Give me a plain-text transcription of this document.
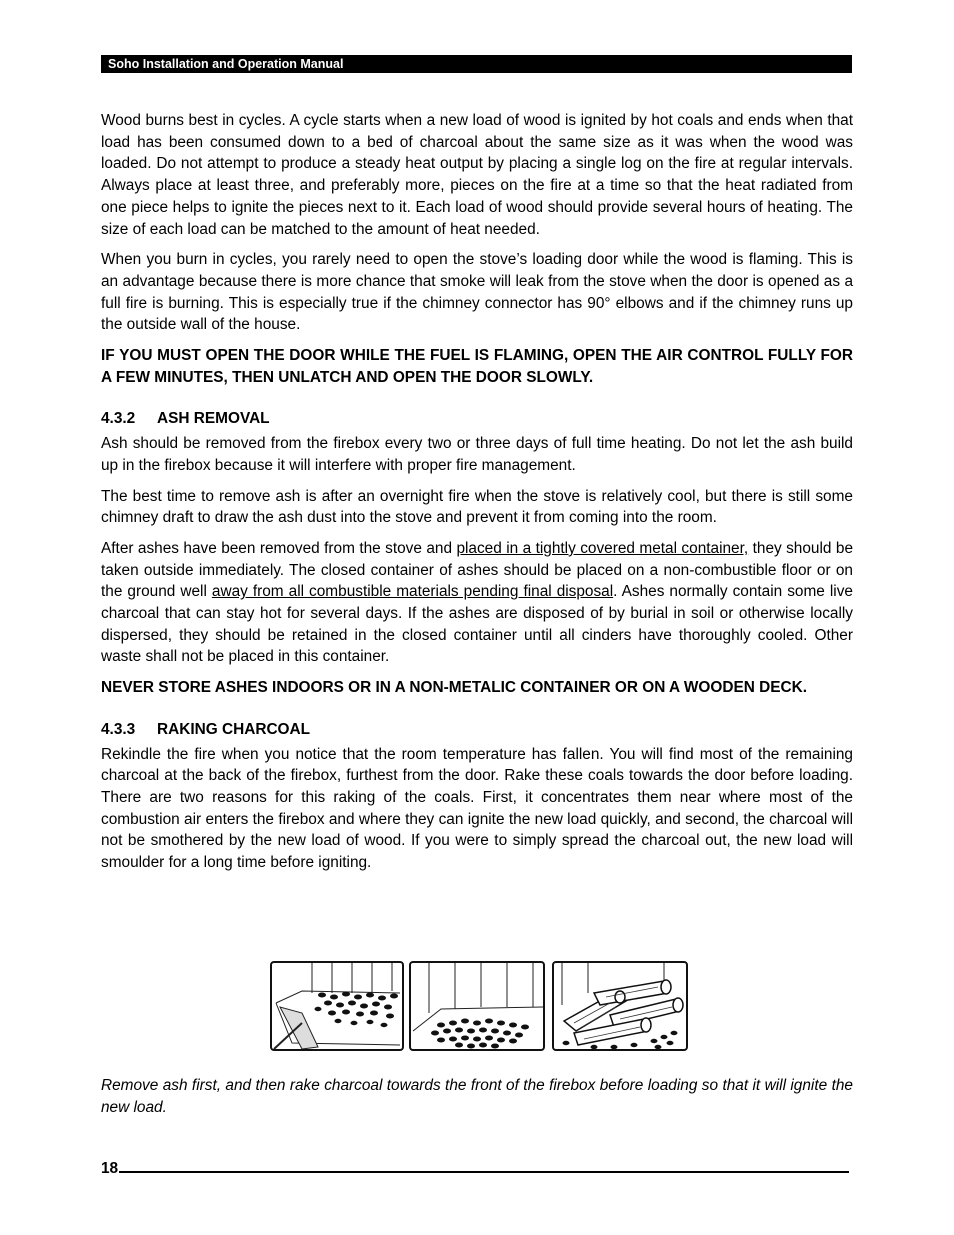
Soho Installation and Operation Manual

Wood burns best in cycles. A cycle starts when a new load of wood is ignited by hot coals and ends when that load has been consumed down to a bed of charcoal about the same size as it was when the wood was loaded. Do not attempt to produce a steady heat output by placing a single log on the fire at regular intervals. Always place at least three, and preferably more, pieces on the fire at a time so that the heat radiated from one piece helps to ignite the pieces next to it. Each load of wood should provide several hours of heating. The size of each load can be matched to the amount of heat needed.

When you burn in cycles, you rarely need to open the stove’s loading door while the wood is flaming. This is an advantage because there is more chance that smoke will leak from the stove when the door is opened as a full fire is burning. This is especially true if the chimney connector has 90° elbows and if the chimney runs up the outside wall of the house.

IF YOU MUST OPEN THE DOOR WHILE THE FUEL IS FLAMING, OPEN THE AIR CONTROL FULLY FOR A FEW MINUTES, THEN UNLATCH AND OPEN THE DOOR SLOWLY.

4.3.2 ASH REMOVAL

Ash should be removed from the firebox every two or three days of full time heating. Do not let the ash build up in the firebox because it will interfere with proper fire management.

The best time to remove ash is after an overnight fire when the stove is relatively cool, but there is still some chimney draft to draw the ash dust into the stove and prevent it from coming into the room.

After ashes have been removed from the stove and placed in a tightly covered metal container, they should be taken outside immediately. The closed container of ashes should be placed on a non-combustible floor or on the ground well away from all combustible materials pending final disposal. Ashes normally contain some live charcoal that can stay hot for several days. If the ashes are disposed of by burial in soil or otherwise locally dispersed, they should be retained in the closed container until all cinders have thoroughly cooled. Other waste shall not be placed in this container.

NEVER STORE ASHES INDOORS OR IN A NON-METALIC CONTAINER OR ON A WOODEN DECK.

4.3.3 RAKING CHARCOAL

Rekindle the fire when you notice that the room temperature has fallen. You will find most of the remaining charcoal at the back of the firebox, furthest from the door. Rake these coals towards the door before loading. There are two reasons for this raking of the coals. First, it concentrates them near where most of the combustion air enters the firebox and where they can ignite the new load quickly, and second, the charcoal will not be smothered by the new load of wood. If you were to simply spread the charcoal out, the new load will smoulder for a long time before igniting.

Remove ash first, and then rake charcoal towards the front of the firebox before loading so that it will ignite the new load.
18
